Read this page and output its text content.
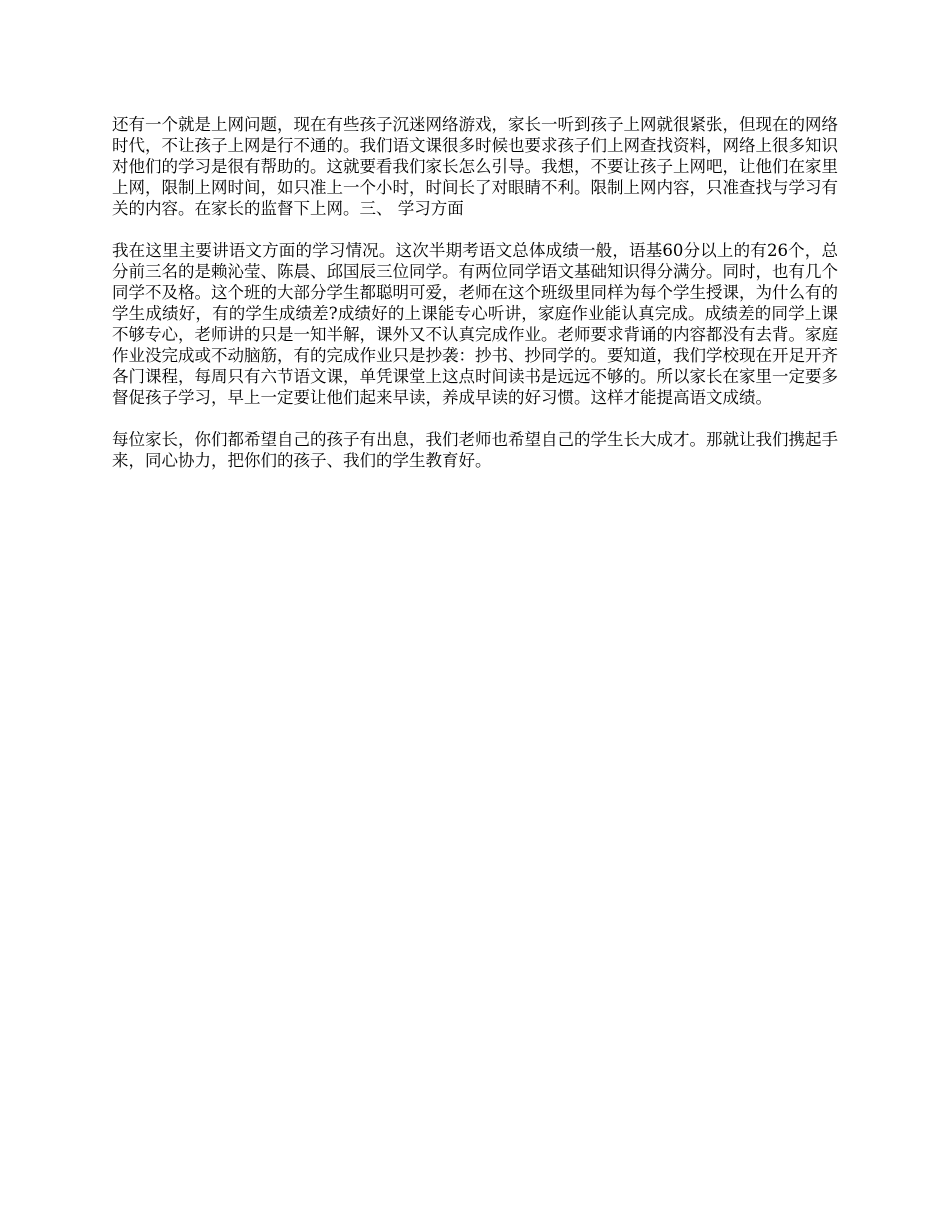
还有一个就是上网问题，现在有些孩子沉迷网络游戏，家长一听到孩子上网就很紧张，但现在的网络时代，不让孩子上网是行不通的。我们语文课很多时候也要求孩子们上网查找资料，网络上很多知识对他们的学习是很有帮助的。这就要看我们家长怎么引导。我想，不要让孩子上网吧，让他们在家里上网，限制上网时间，如只准上一个小时，时间长了对眼睛不利。限制上网内容，只准查找与学习有关的内容。在家长的监督下上网。三、 学习方面

我在这里主要讲语文方面的学习情况。这次半期考语文总体成绩一般，语基60分以上的有26个，总分前三名的是赖沁莹、陈晨、邱国辰三位同学。有两位同学语文基础知识得分满分。同时，也有几个同学不及格。这个班的大部分学生都聪明可爱，老师在这个班级里同样为每个学生授课，为什么有的学生成绩好，有的学生成绩差?成绩好的上课能专心听讲，家庭作业能认真完成。成绩差的同学上课不够专心，老师讲的只是一知半解，课外又不认真完成作业。老师要求背诵的内容都没有去背。家庭作业没完成或不动脑筋，有的完成作业只是抄袭：抄书、抄同学的。要知道，我们学校现在开足开齐各门课程，每周只有六节语文课，单凭课堂上这点时间读书是远远不够的。所以家长在家里一定要多督促孩子学习，早上一定要让他们起来早读，养成早读的好习惯。这样才能提高语文成绩。

每位家长，你们都希望自己的孩子有出息，我们老师也希望自己的学生长大成才。那就让我们携起手来，同心协力，把你们的孩子、我们的学生教育好。
